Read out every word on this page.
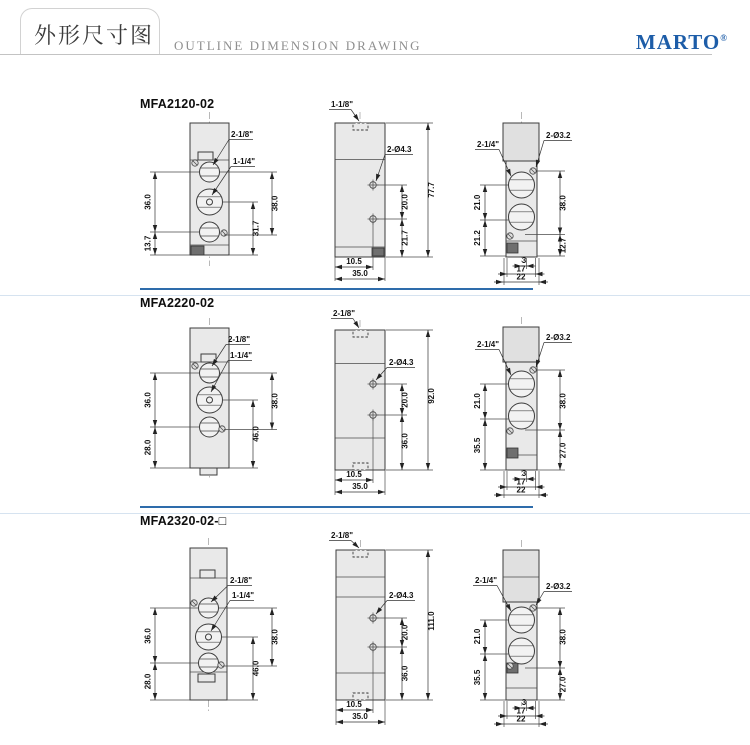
外形尺寸图 OUTLINE DIMENSION DRAWING	MARTO®
MFA2120-02
MFA2220-02
MFA2320-02-□
36.0
13.7
38.0
31.7
2-1/8"
1-1/4"
77.7
20.0
21.7
10.5
35.0
1-1/8"
2-Ø4.3
21.0
21.2
38.0
12.7
3
17
22
2-1/4"
2-Ø3.2
36.0
28.0
38.0
46.0
2-1/8"
1-1/4"
92.0
20.0
36.0
10.5
35.0
2-1/8"
2-Ø4.3
21.0
35.5
38.0
27.0
3
17
22
2-1/4"
2-Ø3.2
36.0
28.0
38.0
46.0
2-1/8"
1-1/4"
111.0
20.0
36.0
10.5
35.0
2-1/8"
2-Ø4.3
21.0
35.5
38.0
27.0
3
17
22
2-1/4"
2-Ø3.2
